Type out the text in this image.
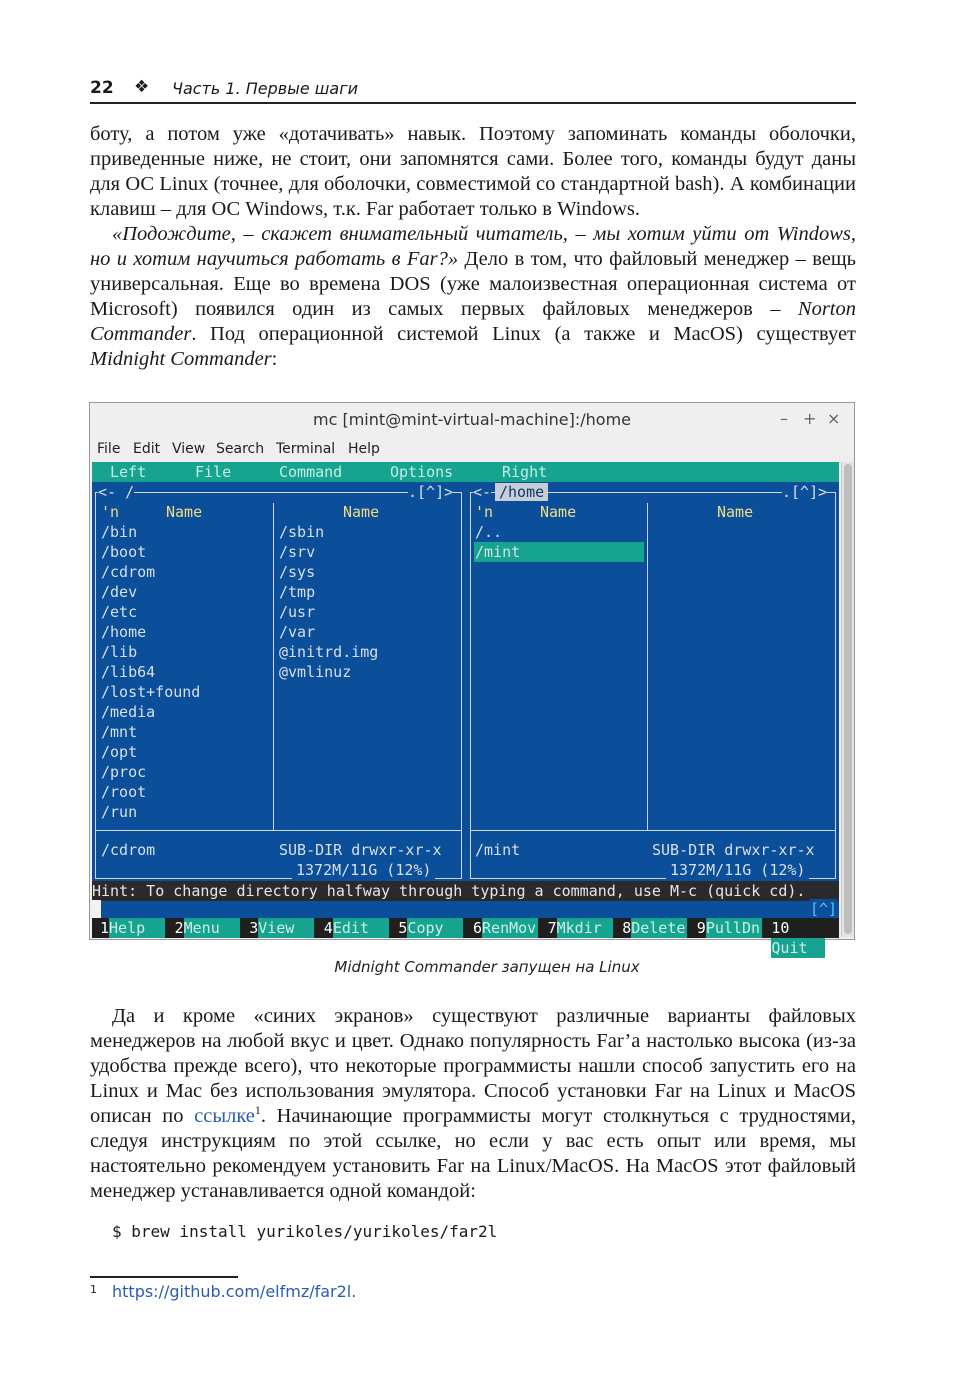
22 ❖ Часть 1. Первые шаги

боту, а потом уже «дотачивать» навык. Поэтому запоминать команды оболочки, приведенные ниже, не стоит, они запомнятся сами. Более того, команды будут даны для ОС Linux (точнее, для оболочки, совместимой со стандартной bash). А комбинации клавиш – для ОС Windows, т.к. Far работает только в Windows.

«Подождите, – скажет внимательный читатель, – мы хотим уйти от Windows, но и хотим научиться работать в Far?» Дело в том, что файловый менеджер – вещь универсальная. Еще во времена DOS (уже малоизвестная операционная система от Microsoft) появился один из самых первых файловых менеджеров – Norton Commander. Под операционной системой Linux (а также и MacOS) существует Midnight Commander:

mc [mint@mint-virtual-machine]:/home	– + ×
File Edit View Search Terminal Help
Left	File	Command	Options	Right
<- /	.[^]>
'n	Name	Name
/bin
/boot
/cdrom
/dev
/etc
/home
/lib
/lib64
/lost+found
/media
/mnt
/opt
/proc
/root
/run
/sbin
/srv
/sys
/tmp
/usr
/var
@initrd.img
@vmlinuz
/cdrom	SUB-DIR drwxr-xr-x
1372M/11G (12%)
<- /home	.[^]>
'n	Name	Name
/..
/mint
/mint	SUB-DIR drwxr-xr-x
1372M/11G (12%)
Hint: To change directory halfway through typing a command, use M-c (quick cd).
[^]
1Help	2Menu	3View	4Edit	5Copy	6RenMov 7Mkdir	8Delete 9PullDn 10Quit
Midnight Commander запущен на Linux

Да и кроме «синих экранов» существуют различные варианты файловых менеджеров на любой вкус и цвет. Однако популярность Far’а настолько высока (из-за удобства прежде всего), что некоторые программисты нашли способ запустить его на Linux и Mac без использования эмулятора. Способ установки Far на Linux и MacOS описан по ссылке$^1$. Начинающие программисты могут столкнуться с трудностями, следуя инструкциям по этой ссылке, но если у вас есть опыт или время, мы настоятельно рекомендуем установить Far на Linux/MacOS. На MacOS этот файловый менеджер устанавливается одной командой:

$ brew install yurikoles/yurikoles/far2l
1 https://github.com/elfmz/far2l.
